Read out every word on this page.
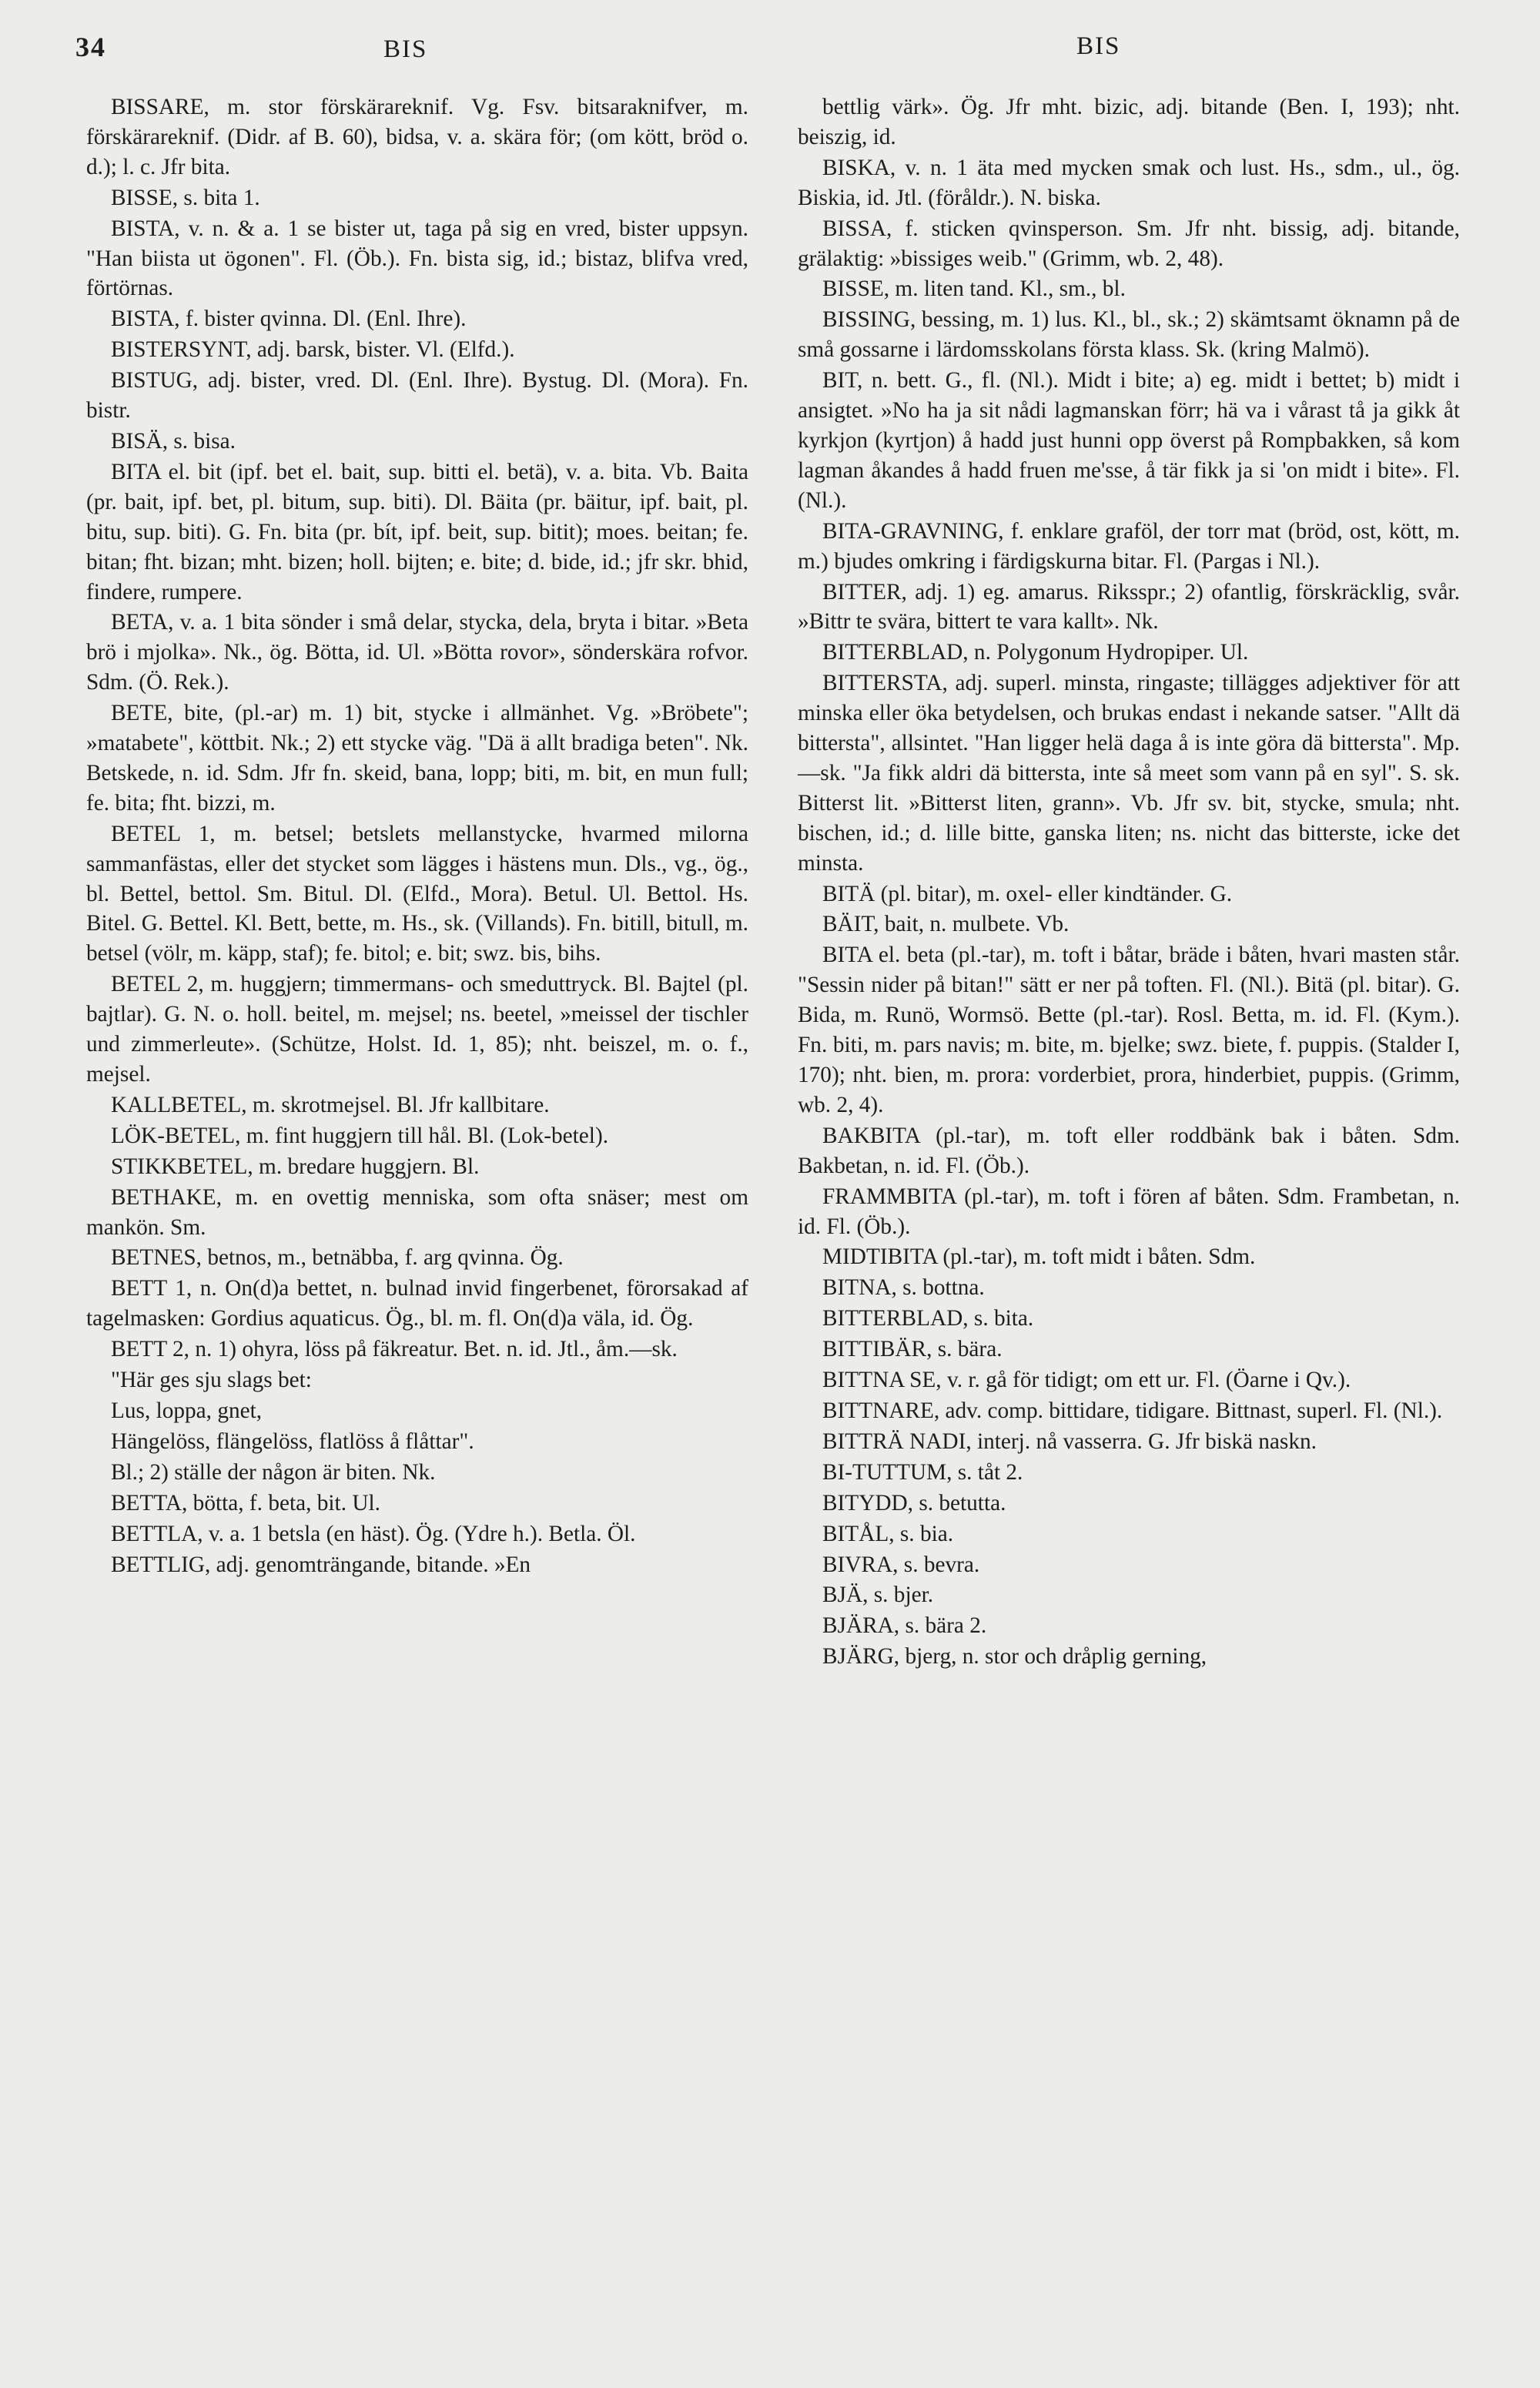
34	BIS	BIS

BISSARE, m. stor förskärareknif. Vg. Fsv. bitsaraknifver, m. förskärareknif. (Didr. af B. 60), bidsa, v. a. skära för; (om kött, bröd o. d.); l. c. Jfr bita.

BISSE, s. bita 1.

BISTA, v. n. & a. 1 se bister ut, taga på sig en vred, bister uppsyn. "Han biista ut ögonen". Fl. (Öb.). Fn. bista sig, id.; bistaz, blifva vred, förtörnas.

BISTA, f. bister qvinna. Dl. (Enl. Ihre).

BISTERSYNT, adj. barsk, bister. Vl. (Elfd.).

BISTUG, adj. bister, vred. Dl. (Enl. Ihre). Bystug. Dl. (Mora). Fn. bistr.

BISÄ, s. bisa.

BITA el. bit (ipf. bet el. bait, sup. bitti el. betä), v. a. bita. Vb. Baita (pr. bait, ipf. bet, pl. bitum, sup. biti). Dl. Bäita (pr. bäitur, ipf. bait, pl. bitu, sup. biti). G. Fn. bita (pr. bít, ipf. beit, sup. bitit); moes. beitan; fe. bitan; fht. bizan; mht. bizen; holl. bijten; e. bite; d. bide, id.; jfr skr. bhid, findere, rumpere.

BETA, v. a. 1 bita sönder i små delar, stycka, dela, bryta i bitar. »Beta brö i mjolka». Nk., ög. Bötta, id. Ul. »Bötta rovor», sönderskära rofvor. Sdm. (Ö. Rek.).

BETE, bite, (pl.-ar) m. 1) bit, stycke i allmänhet. Vg. »Bröbete"; »matabete", köttbit. Nk.; 2) ett stycke väg. "Dä ä allt bradiga beten". Nk. Betskede, n. id. Sdm. Jfr fn. skeid, bana, lopp; biti, m. bit, en mun full; fe. bita; fht. bizzi, m.

BETEL 1, m. betsel; betslets mellanstycke, hvarmed milorna sammanfästas, eller det stycket som lägges i hästens mun. Dls., vg., ög., bl. Bettel, bettol. Sm. Bitul. Dl. (Elfd., Mora). Betul. Ul. Bettol. Hs. Bitel. G. Bettel. Kl. Bett, bette, m. Hs., sk. (Villands). Fn. bitill, bitull, m. betsel (völr, m. käpp, staf); fe. bitol; e. bit; swz. bis, bihs.

BETEL 2, m. huggjern; timmermans- och smeduttryck. Bl. Bajtel (pl. bajtlar). G. N. o. holl. beitel, m. mejsel; ns. beetel, »meissel der tischler und zimmerleute». (Schütze, Holst. Id. 1, 85); nht. beiszel, m. o. f., mejsel.

KALLBETEL, m. skrotmejsel. Bl. Jfr kallbitare.

LÖK-BETEL, m. fint huggjern till hål. Bl. (Lok-betel).

STIKKBETEL, m. bredare huggjern. Bl.

BETHAKE, m. en ovettig menniska, som ofta snäser; mest om mankön. Sm.

BETNES, betnos, m., betnäbba, f. arg qvinna. Ög.

BETT 1, n. On(d)a bettet, n. bulnad invid fingerbenet, förorsakad af tagelmasken: Gordius aquaticus. Ög., bl. m. fl. On(d)a väla, id. Ög.

BETT 2, n. 1) ohyra, löss på fäkreatur. Bet. n. id. Jtl., åm.—sk.

"Här ges sju slags bet:

Lus, loppa, gnet,

Hängelöss, flängelöss, flatlöss å flåttar".

Bl.; 2) ställe der någon är biten. Nk.

BETTA, bötta, f. beta, bit. Ul.

BETTLA, v. a. 1 betsla (en häst). Ög. (Ydre h.). Betla. Öl.

BETTLIG, adj. genomträngande, bitande. »En

bettlig värk». Ög. Jfr mht. bizic, adj. bitande (Ben. I, 193); nht. beiszig, id.

BISKA, v. n. 1 äta med mycken smak och lust. Hs., sdm., ul., ög. Biskia, id. Jtl. (föråldr.). N. biska.

BISSA, f. sticken qvinsperson. Sm. Jfr nht. bissig, adj. bitande, grälaktig: »bissiges weib." (Grimm, wb. 2, 48).

BISSE, m. liten tand. Kl., sm., bl.

BISSING, bessing, m. 1) lus. Kl., bl., sk.; 2) skämtsamt öknamn på de små gossarne i lärdomsskolans första klass. Sk. (kring Malmö).

BIT, n. bett. G., fl. (Nl.). Midt i bite; a) eg. midt i bettet; b) midt i ansigtet. »No ha ja sit nådi lagmanskan förr; hä va i vårast tå ja gikk åt kyrkjon (kyrtjon) å hadd just hunni opp överst på Rompbakken, så kom lagman åkandes å hadd fruen me'sse, å tär fikk ja si 'on midt i bite». Fl. (Nl.).

BITA-GRAVNING, f. enklare graföl, der torr mat (bröd, ost, kött, m. m.) bjudes omkring i färdigskurna bitar. Fl. (Pargas i Nl.).

BITTER, adj. 1) eg. amarus. Riksspr.; 2) ofantlig, förskräcklig, svår. »Bittr te svära, bittert te vara kallt». Nk.

BITTERBLAD, n. Polygonum Hydropiper. Ul.

BITTERSTA, adj. superl. minsta, ringaste; tillägges adjektiver för att minska eller öka betydelsen, och brukas endast i nekande satser. "Allt dä bittersta", allsintet. "Han ligger helä daga å is inte göra dä bittersta". Mp.—sk. "Ja fikk aldri dä bittersta, inte så meet som vann på en syl". S. sk. Bitterst lit. »Bitterst liten, grann». Vb. Jfr sv. bit, stycke, smula; nht. bischen, id.; d. lille bitte, ganska liten; ns. nicht das bitterste, icke det minsta.

BITÄ (pl. bitar), m. oxel- eller kindtänder. G.

BÄIT, bait, n. mulbete. Vb.

BITA el. beta (pl.-tar), m. toft i båtar, bräde i båten, hvari masten står. "Sessin nider på bitan!" sätt er ner på toften. Fl. (Nl.). Bitä (pl. bitar). G. Bida, m. Runö, Wormsö. Bette (pl.-tar). Rosl. Betta, m. id. Fl. (Kym.). Fn. biti, m. pars navis; m. bite, m. bjelke; swz. biete, f. puppis. (Stalder I, 170); nht. bien, m. prora: vorderbiet, prora, hinderbiet, puppis. (Grimm, wb. 2, 4).

BAKBITA (pl.-tar), m. toft eller roddbänk bak i båten. Sdm. Bakbetan, n. id. Fl. (Öb.).

FRAMMBITA (pl.-tar), m. toft i fören af båten. Sdm. Frambetan, n. id. Fl. (Öb.).

MIDTIBITA (pl.-tar), m. toft midt i båten. Sdm.

BITNA, s. bottna.

BITTERBLAD, s. bita.

BITTIBÄR, s. bära.

BITTNA SE, v. r. gå för tidigt; om ett ur. Fl. (Öarne i Qv.).

BITTNARE, adv. comp. bittidare, tidigare. Bittnast, superl. Fl. (Nl.).

BITTRÄ NADI, interj. nå vasserra. G. Jfr biskä naskn.

BI-TUTTUM, s. tåt 2.

BITYDD, s. betutta.

BITÅL, s. bia.

BIVRA, s. bevra.

BJÄ, s. bjer.

BJÄRA, s. bära 2.

BJÄRG, bjerg, n. stor och dråplig gerning,
